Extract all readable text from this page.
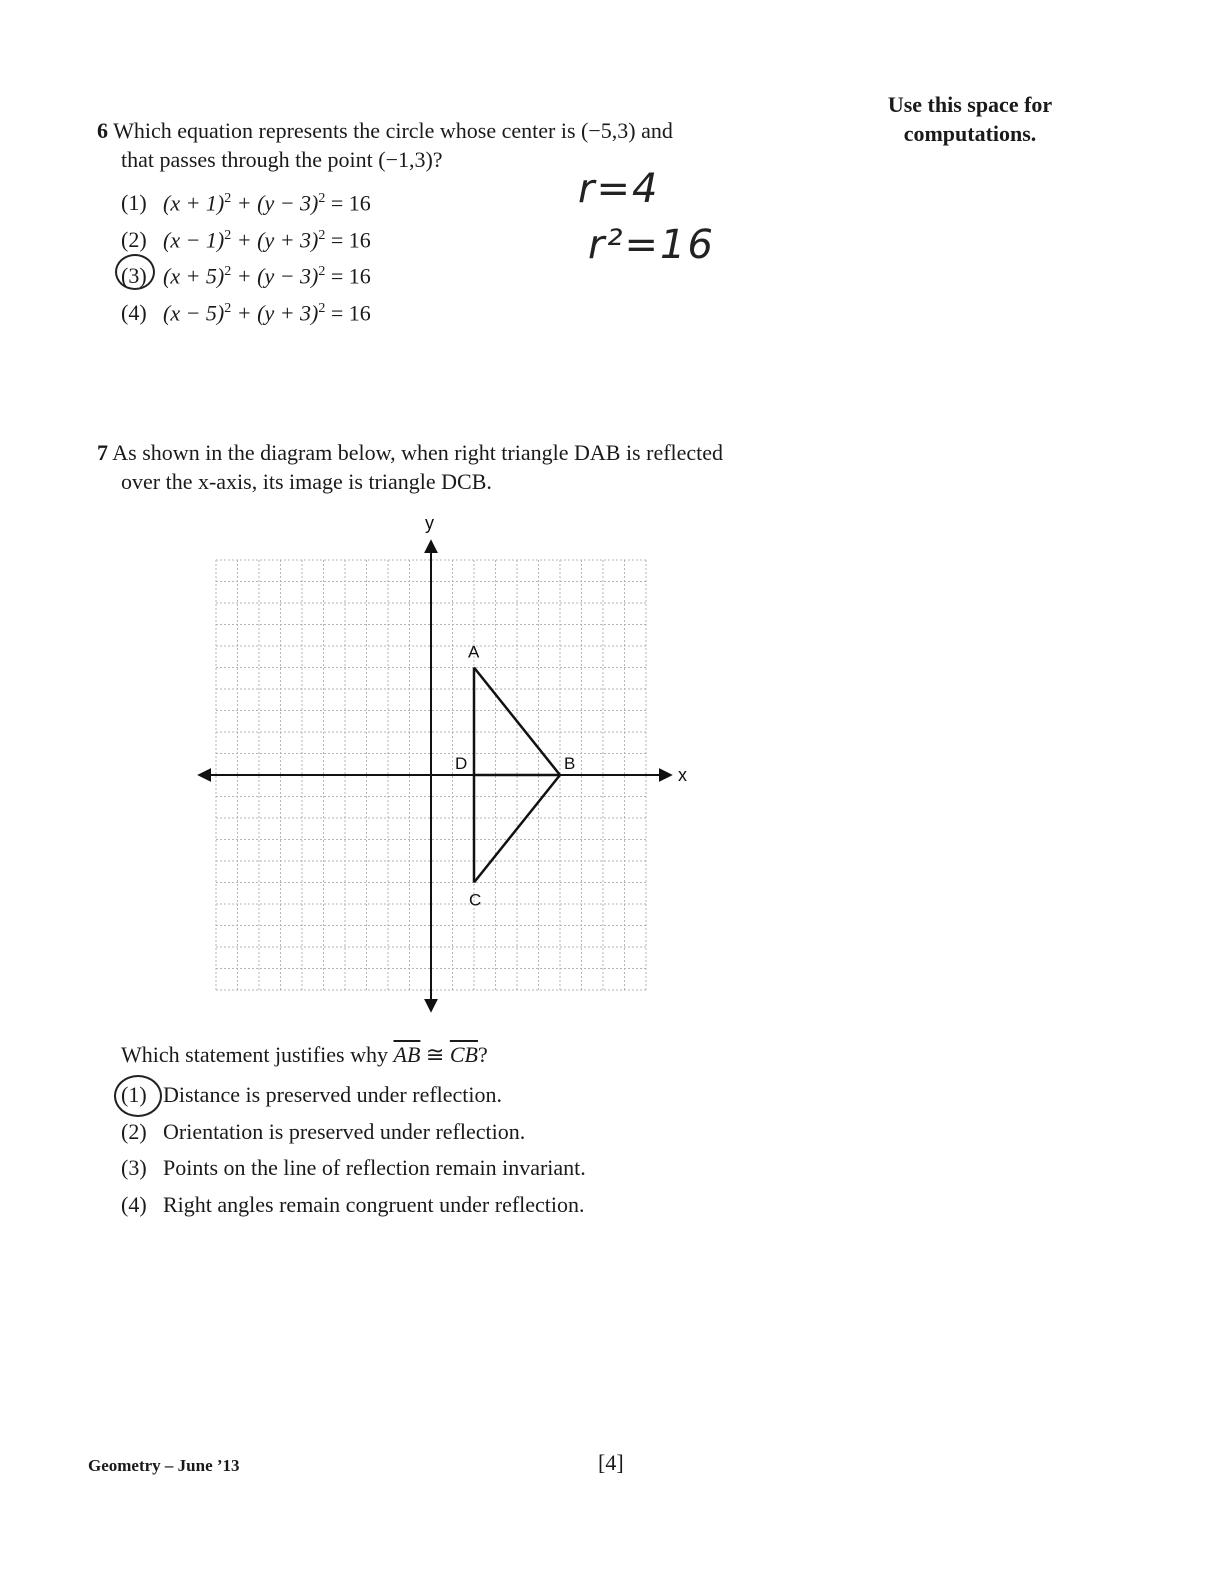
Use this space for
computations.
6 Which equation represents the circle whose center is (−5,3) and
that passes through the point (−1,3)?
(1) $(x + 1)^2 + (y - 3)^2 = 16$
(2) $(x - 1)^2 + (y + 3)^2 = 16$
(3) $(x + 5)^2 + (y - 3)^2 = 16$
(4) $(x - 5)^2 + (y + 3)^2 = 16$
r=4
r²=16
7 As shown in the diagram below, when right triangle DAB is reflected
over the x-axis, its image is triangle DCB.
x
y
A
B
C
D
Which statement justifies why $\overline{AB}$ ≅ $\overline{CB}$?
(1) Distance is preserved under reflection.
(2) Orientation is preserved under reflection.
(3) Points on the line of reflection remain invariant.
(4) Right angles remain congruent under reflection.
Geometry – June ’13	[4]
